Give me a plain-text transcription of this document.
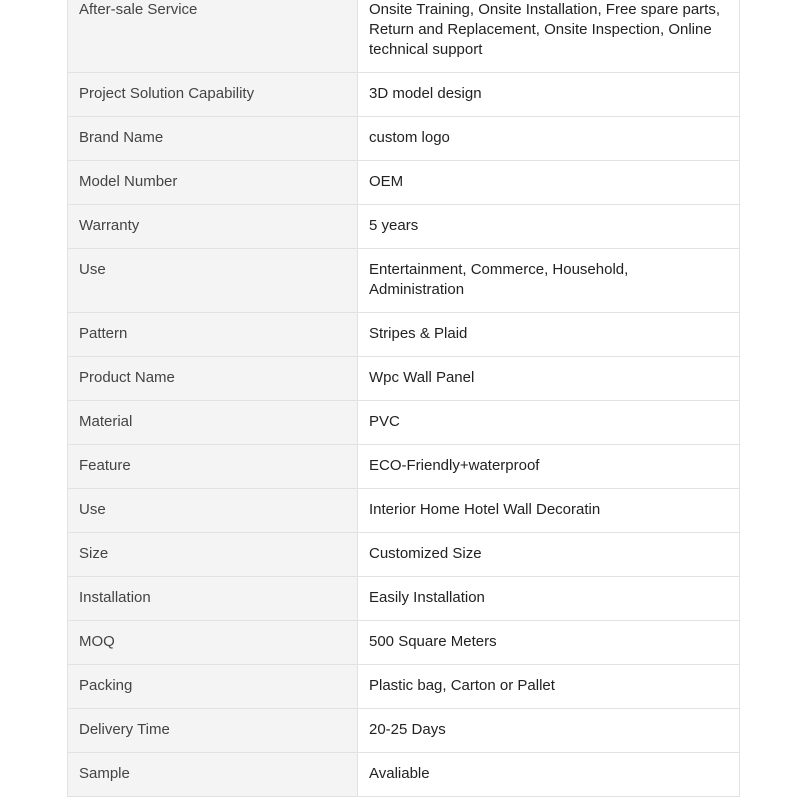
After-sale Service	Onsite Training, Onsite Installation, Free spare parts, Return and Replacement, Onsite Inspection, Online technical support
Project Solution Capability	3D model design
Brand Name	custom logo
Model Number	OEM
Warranty	5 years
Use	Entertainment, Commerce, Household, Administration
Pattern	Stripes & Plaid
Product Name	Wpc Wall Panel
Material	PVC
Feature	ECO-Friendly+waterproof
Use	Interior Home Hotel Wall Decoratin
Size	Customized Size
Installation	Easily Installation
MOQ	500 Square Meters
Packing	Plastic bag, Carton or Pallet
Delivery Time	20-25 Days
Sample	Avaliable
